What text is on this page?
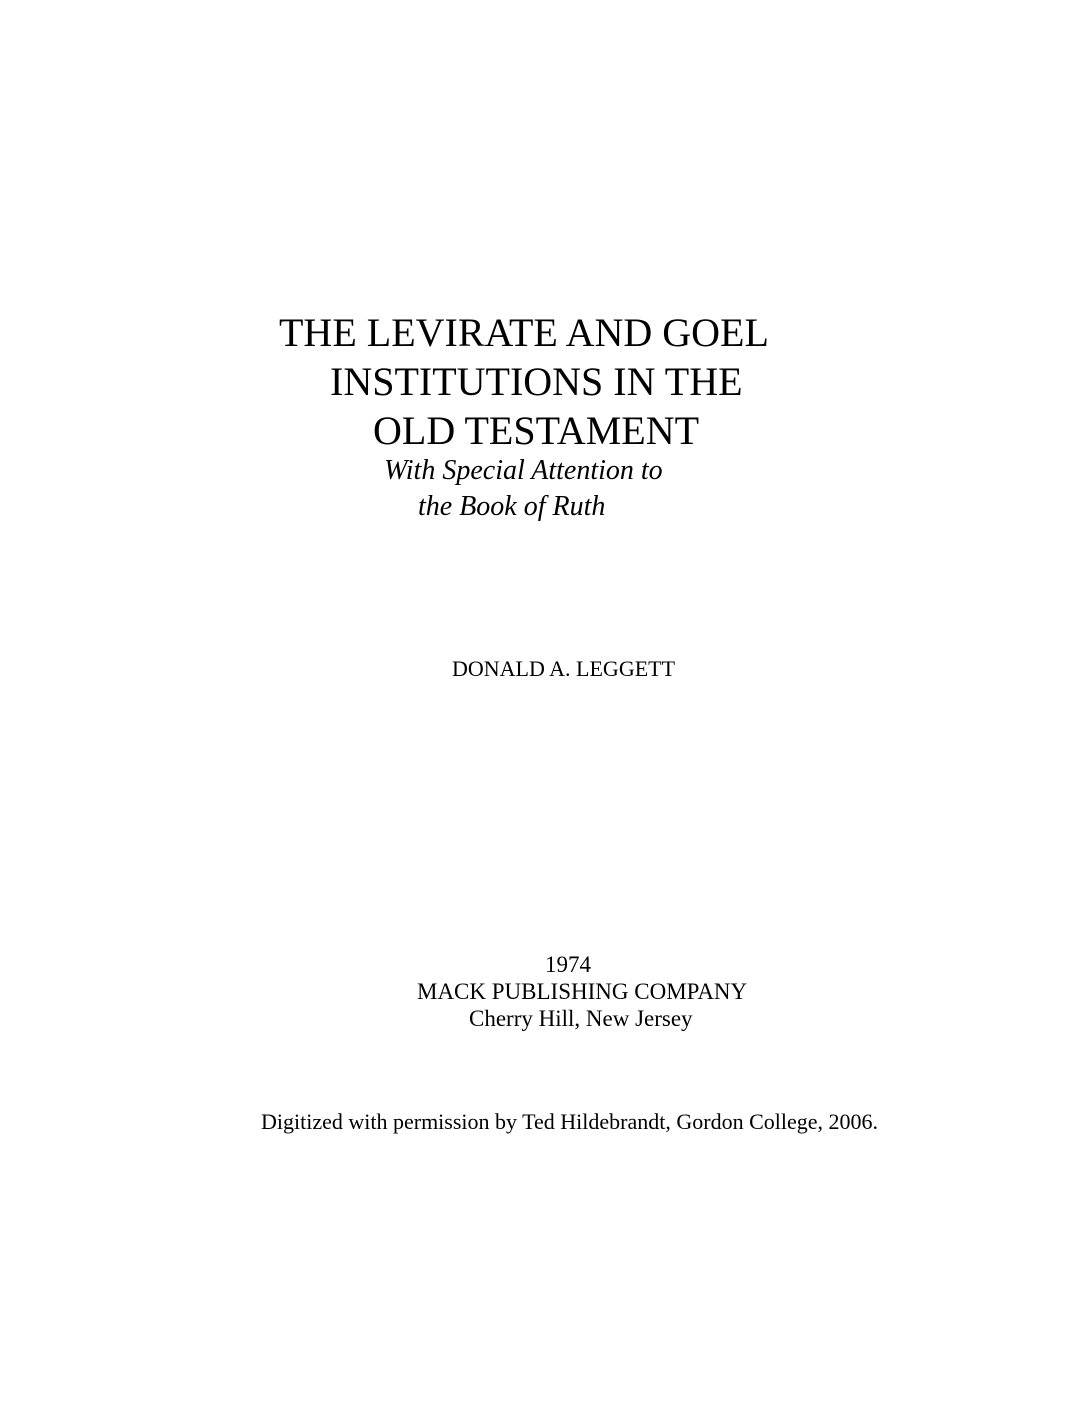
THE LEVIRATE AND GOEL
INSTITUTIONS IN THE
OLD TESTAMENT
With Special Attention to
the Book of Ruth
DONALD A. LEGGETT
1974
MACK PUBLISHING COMPANY
Cherry Hill, New Jersey
Digitized with permission by Ted Hildebrandt, Gordon College, 2006.
